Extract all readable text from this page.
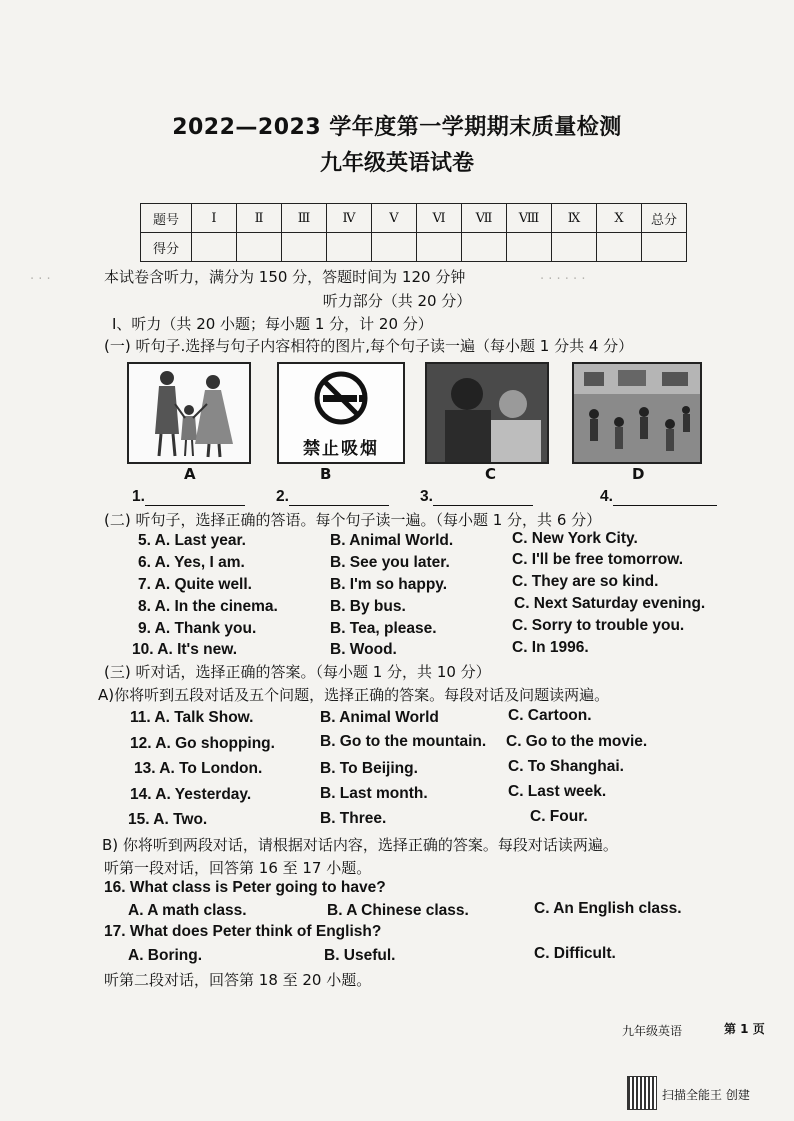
2022—2023 学年度第一学期期末质量检测
九年级英语试卷
题号	I	Ⅱ	Ⅲ	Ⅳ	V	Ⅵ	Ⅶ	Ⅷ	Ⅸ	X	总分
得分											
· · ·	· · · · · ·
本试卷含听力，满分为 150 分，答题时间为 120 分钟
听力部分（共 20 分）
Ⅰ、听力（共 20 小题；每小题 1 分，计 20 分）
(一) 听句子.选择与句子内容相符的图片,每个句子读一遍（每小题 1 分共 4 分）
禁止吸烟
A	B	C	D
1.	2.	3.	4.
(二) 听句子，选择正确的答语。每个句子读一遍。（每小题 1 分，共 6 分）
5. A. Last year.	B. Animal World.	C. New York City.
6. A. Yes, I am.	B. See you later.	C. I'll be free tomorrow.
7. A. Quite well.	B. I'm so happy.	C. They are so kind.
8. A. In the cinema.	B. By bus.	C. Next Saturday evening.
9. A. Thank you.	B. Tea, please.	C. Sorry to trouble you.
10. A. It's new.	B. Wood.	C. In 1996.
(三) 听对话，选择正确的答案。（每小题 1 分，共 10 分）
A)你将听到五段对话及五个问题，选择正确的答案。每段对话及问题读两遍。
11. A. Talk Show.	B. Animal World	C. Cartoon.
12. A. Go shopping.	B. Go to the mountain. C. Go to the movie.
13. A. To London.	B. To Beijing.	C. To Shanghai.
14. A. Yesterday.	B. Last month.	C. Last week.
15. A. Two.	B. Three.	C. Four.
B) 你将听到两段对话，请根据对话内容，选择正确的答案。每段对话读两遍。
听第一段对话，回答第 16 至 17 小题。
16. What class is Peter going to have?
A. A math class.	B. A Chinese class.	C. An English class.
17. What does Peter think of English?
A. Boring.	B. Useful.	C. Difficult.
听第二段对话，回答第 18 至 20 小题。
九年级英语	第 1 页
扫描全能王 创建
